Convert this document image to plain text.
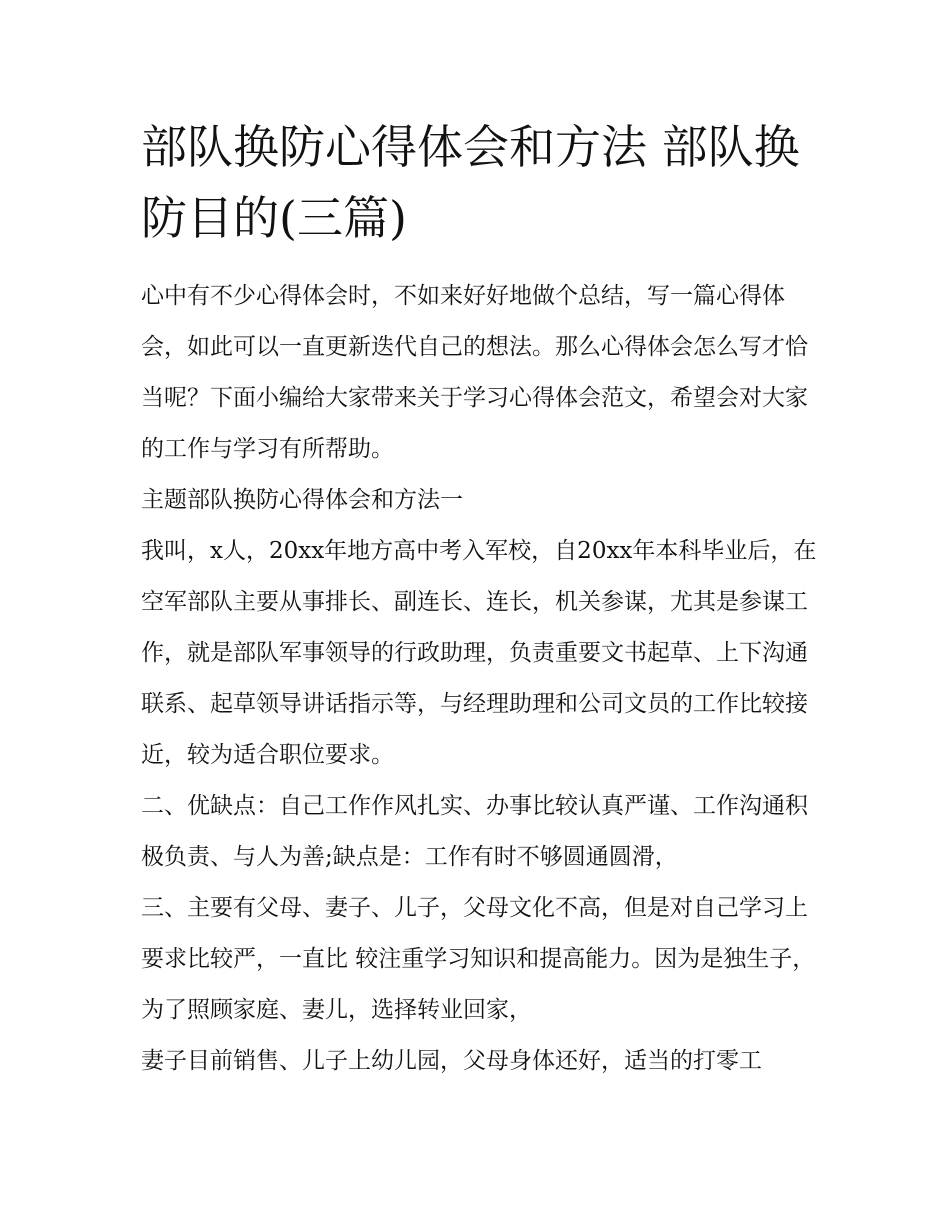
部队换防心得体会和方法 部队换防目的(三篇)

心中有不少心得体会时，不如来好好地做个总结，写一篇心得体会，如此可以一直更新迭代自己的想法。那么心得体会怎么写才恰当呢？下面小编给大家带来关于学习心得体会范文，希望会对大家的工作与学习有所帮助。

主题部队换防心得体会和方法一

我叫，x人，20xx年地方高中考入军校，自20xx年本科毕业后，在空军部队主要从事排长、副连长、连长，机关参谋，尤其是参谋工作，就是部队军事领导的行政助理，负责重要文书起草、上下沟通联系、起草领导讲话指示等，与经理助理和公司文员的工作比较接近，较为适合职位要求。

二、优缺点：自己工作作风扎实、办事比较认真严谨、工作沟通积极负责、与人为善;缺点是：工作有时不够圆通圆滑，

三、主要有父母、妻子、儿子，父母文化不高，但是对自己学习上要求比较严，一直比 较注重学习知识和提高能力。因为是独生子，为了照顾家庭、妻儿，选择转业回家，

妻子目前销售、儿子上幼儿园，父母身体还好，适当的打零工
